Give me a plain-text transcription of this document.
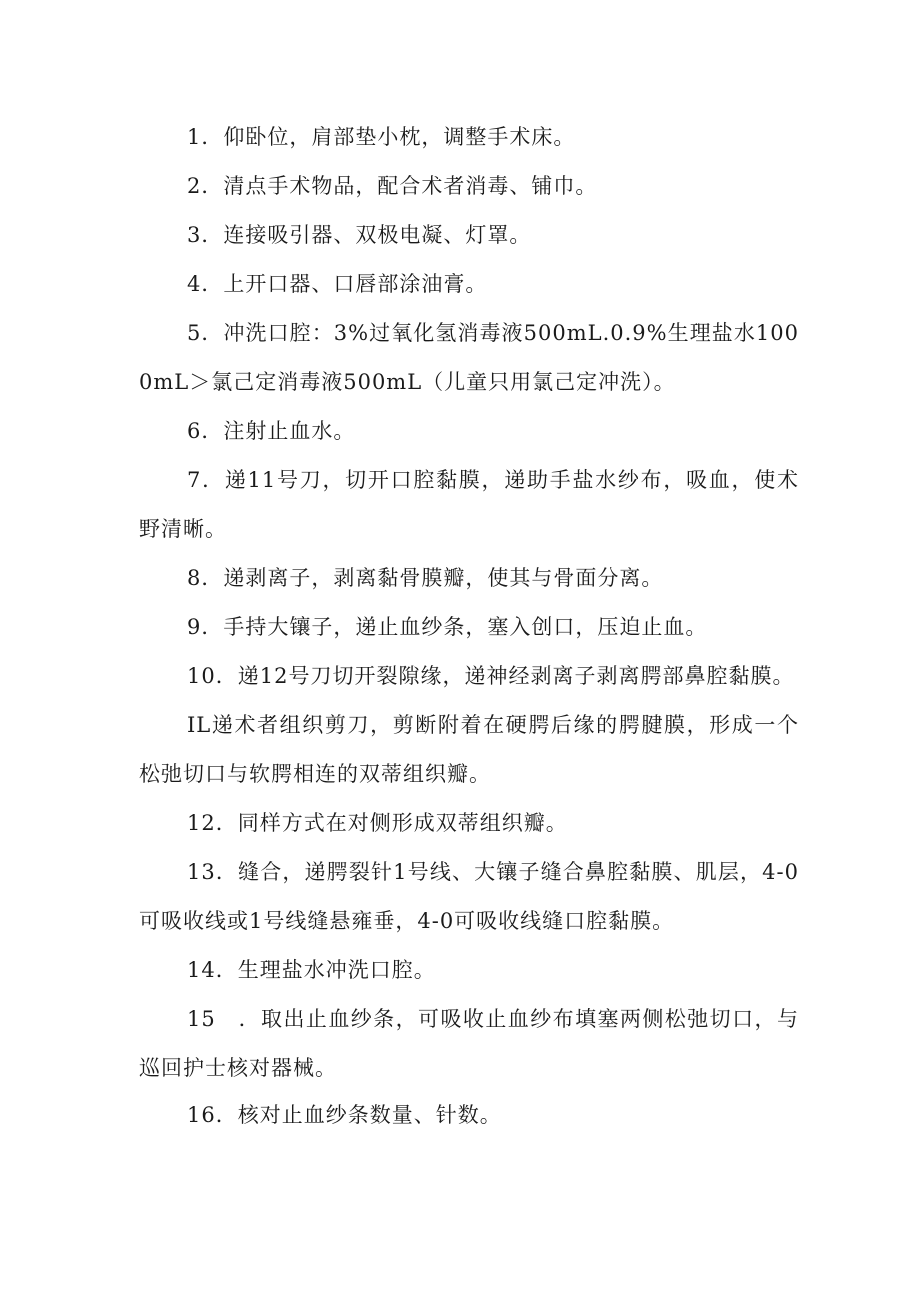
1．仰卧位，肩部垫小枕，调整手术床。

2．清点手术物品，配合术者消毒、铺巾。

3．连接吸引器、双极电凝、灯罩。

4．上开口器、口唇部涂油膏。

5．冲洗口腔：3%过氧化氢消毒液500mL.0.9%生理盐水1000mL＞氯己定消毒液500mL（儿童只用氯己定冲洗）。

6．注射止血水。

7．递11号刀，切开口腔黏膜，递助手盐水纱布，吸血，使术野清晰。

8．递剥离子，剥离黏骨膜瓣，使其与骨面分离。

9．手持大镶子，递止血纱条，塞入创口，压迫止血。

10．递12号刀切开裂隙缘，递神经剥离子剥离腭部鼻腔黏膜。

IL递术者组织剪刀，剪断附着在硬腭后缘的腭腱膜，形成一个松弛切口与软腭相连的双蒂组织瓣。

12．同样方式在对侧形成双蒂组织瓣。

13．缝合，递腭裂针1号线、大镶子缝合鼻腔黏膜、肌层，4-0可吸收线或1号线缝悬雍垂，4-0可吸收线缝口腔黏膜。

14．生理盐水冲洗口腔。

15　．取出止血纱条，可吸收止血纱布填塞两侧松弛切口，与巡回护士核对器械。

16．核对止血纱条数量、针数。
